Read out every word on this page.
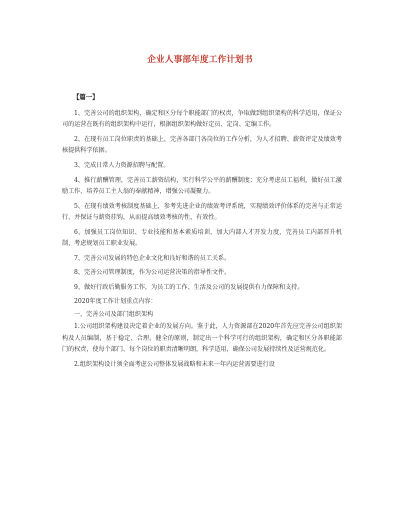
企业人事部年度工作计划书
【篇一】

1、完善公司的组织架构，确定和区分每个职能部门的权责，争取做到组织架构的科学适用，保证公司的运营在既有的组织架构中运行，根据组织架构做好定员、定岗、定编工作。

2、在现有员工岗位职责的基础上，完善各部门各岗位的工作分析，为人才招聘、薪资评定及绩效考核提供科学依据。

3、完成日常人力资源招聘与配置。

4、推行薪酬管理，完善员工薪资结构，实行科学公平的薪酬制度；充分考虑员工福利，做好员工激励工作，培养员工主人翁的奉献精神，增强公司凝聚力。

5、在现有绩效考核制度基础上，参考先进企业的绩效考评系统，实现绩效评价体系的完善与正常运行，并保证与薪资挂钩，从而提高绩效考核的性、有效性。

6、加强员工岗位知识、专业技能和基本素质培训，加大内部人才开发力度，完善员工内部晋升机制，考虑规划员工职业发展。

7、完善公司发展的特色企业文化和良好和谐的员工关系。

8、完善公司管理制度，作为公司运营决策的指导性文件。

9、做好行政后勤服务工作，为员工的工作、生活及公司的发展提供有力保障和支持。

2020年度工作计划重点内容：

一、完善公司及部门组织架构

1.公司组织架构建设决定着企业的发展方向。鉴于此，人力资源部在2020年首先应完善公司组织架构及人员编制，基于稳定、合理、健全的原则，制定出一个科学可行的组织架构，确定和区分各职能部门的权责，使每个部门、每个岗位的职责清晰明朗，科学适用，确保公司发展持续性及运营规范化。

2.组织架构设计须全面考虑公司整体发展战略和未来一年内运营需要进行设
